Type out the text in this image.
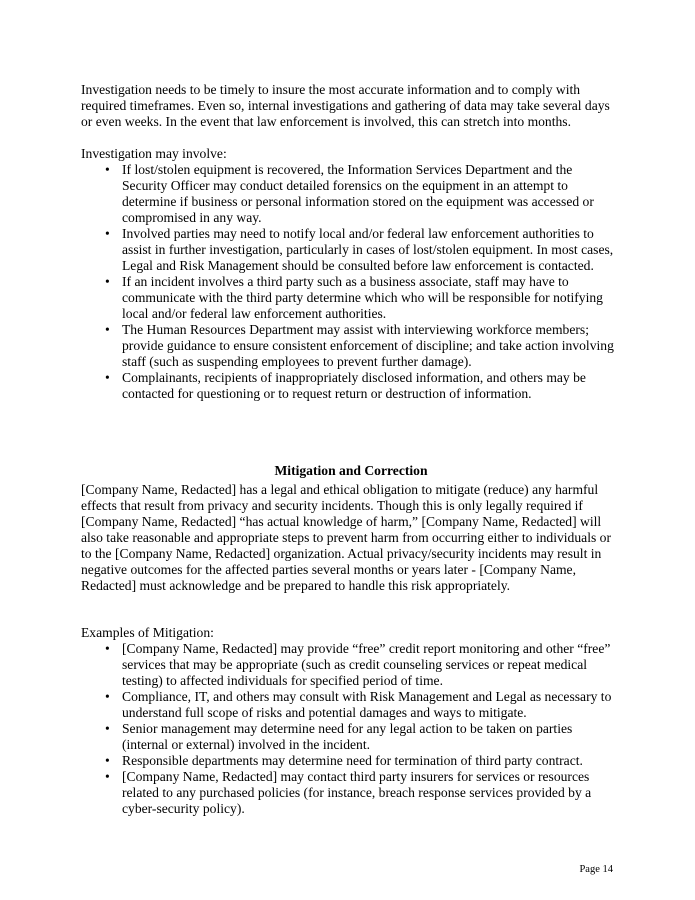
Investigation needs to be timely to insure the most accurate information and to comply with required timeframes. Even so, internal investigations and gathering of data may take several days or even weeks. In the event that law enforcement is involved, this can stretch into months.

Investigation may involve:

• If lost/stolen equipment is recovered, the Information Services Department and the Security Officer may conduct detailed forensics on the equipment in an attempt to determine if business or personal information stored on the equipment was accessed or compromised in any way.
• Involved parties may need to notify local and/or federal law enforcement authorities to assist in further investigation, particularly in cases of lost/stolen equipment. In most cases, Legal and Risk Management should be consulted before law enforcement is contacted.
• If an incident involves a third party such as a business associate, staff may have to communicate with the third party determine which who will be responsible for notifying local and/or federal law enforcement authorities.
• The Human Resources Department may assist with interviewing workforce members; provide guidance to ensure consistent enforcement of discipline; and take action involving staff (such as suspending employees to prevent further damage).
• Complainants, recipients of inappropriately disclosed information, and others may be contacted for questioning or to request return or destruction of information.
Mitigation and Correction

[Company Name, Redacted] has a legal and ethical obligation to mitigate (reduce) any harmful effects that result from privacy and security incidents. Though this is only legally required if [Company Name, Redacted] “has actual knowledge of harm,” [Company Name, Redacted] will also take reasonable and appropriate steps to prevent harm from occurring either to individuals or to the [Company Name, Redacted] organization. Actual privacy/security incidents may result in negative outcomes for the affected parties several months or years later - [Company Name, Redacted] must acknowledge and be prepared to handle this risk appropriately.

Examples of Mitigation:

• [Company Name, Redacted] may provide “free” credit report monitoring and other “free” services that may be appropriate (such as credit counseling services or repeat medical testing) to affected individuals for specified period of time.
• Compliance, IT, and others may consult with Risk Management and Legal as necessary to understand full scope of risks and potential damages and ways to mitigate.
• Senior management may determine need for any legal action to be taken on parties (internal or external) involved in the incident.
• Responsible departments may determine need for termination of third party contract.
• [Company Name, Redacted] may contact third party insurers for services or resources related to any purchased policies (for instance, breach response services provided by a cyber-security policy).
Page 14
